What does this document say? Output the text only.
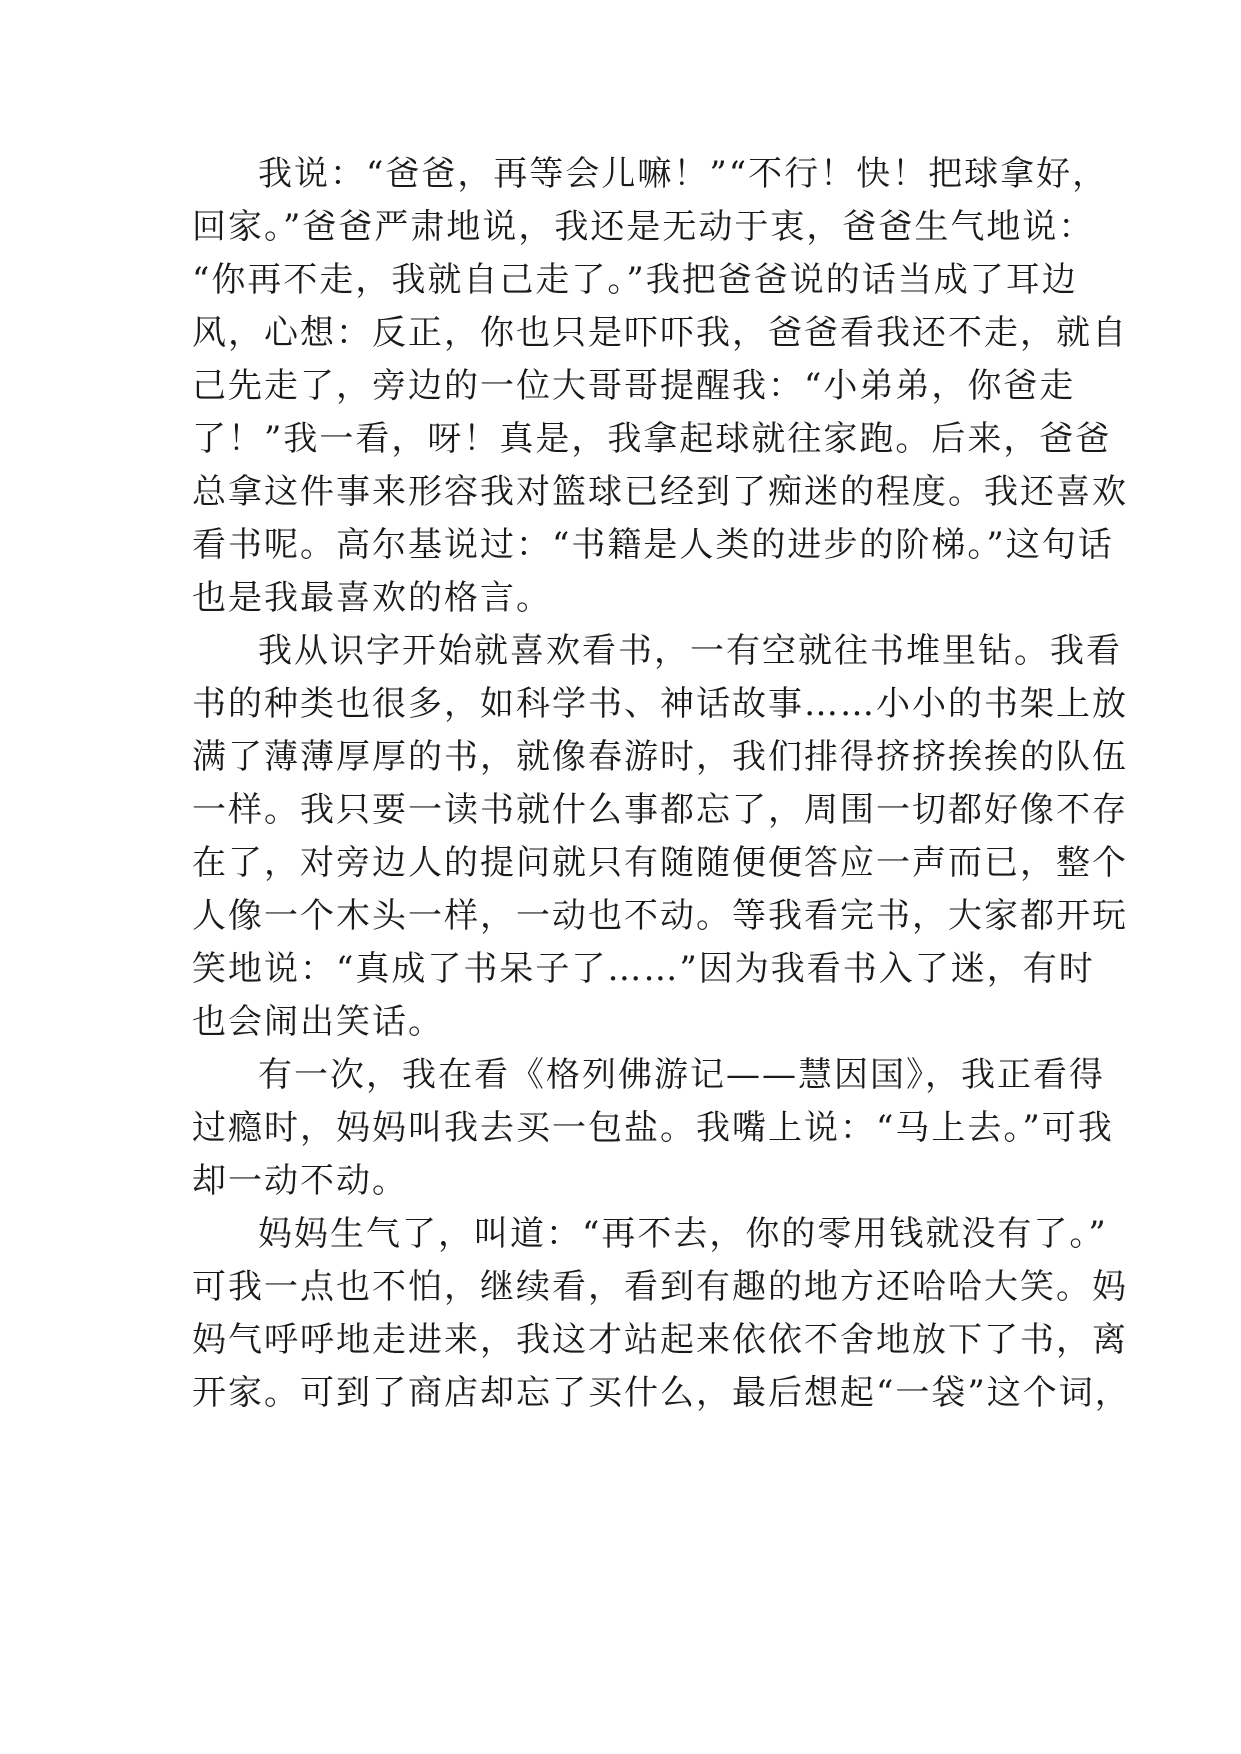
我说：“爸爸，再等会儿嘛！”“不行！快！把球拿好，
回家。”爸爸严肃地说，我还是无动于衷，爸爸生气地说：
“你再不走，我就自己走了。”我把爸爸说的话当成了耳边
风，心想：反正，你也只是吓吓我，爸爸看我还不走，就自
己先走了，旁边的一位大哥哥提醒我：“小弟弟，你爸走
了！”我一看，呀！真是，我拿起球就往家跑。后来，爸爸
总拿这件事来形容我对篮球已经到了痴迷的程度。我还喜欢
看书呢。高尔基说过：“书籍是人类的进步的阶梯。”这句话
也是我最喜欢的格言。
我从识字开始就喜欢看书，一有空就往书堆里钻。我看
书的种类也很多，如科学书、神话故事……小小的书架上放
满了薄薄厚厚的书，就像春游时，我们排得挤挤挨挨的队伍
一样。我只要一读书就什么事都忘了，周围一切都好像不存
在了，对旁边人的提问就只有随随便便答应一声而已，整个
人像一个木头一样，一动也不动。等我看完书，大家都开玩
笑地说：“真成了书呆子了……”因为我看书入了迷，有时
也会闹出笑话。
有一次，我在看《格列佛游记——慧因国》，我正看得
过瘾时，妈妈叫我去买一包盐。我嘴上说：“马上去。”可我
却一动不动。
妈妈生气了，叫道：“再不去，你的零用钱就没有了。”
可我一点也不怕，继续看，看到有趣的地方还哈哈大笑。妈
妈气呼呼地走进来，我这才站起来依依不舍地放下了书，离
开家。可到了商店却忘了买什么，最后想起“一袋”这个词，
